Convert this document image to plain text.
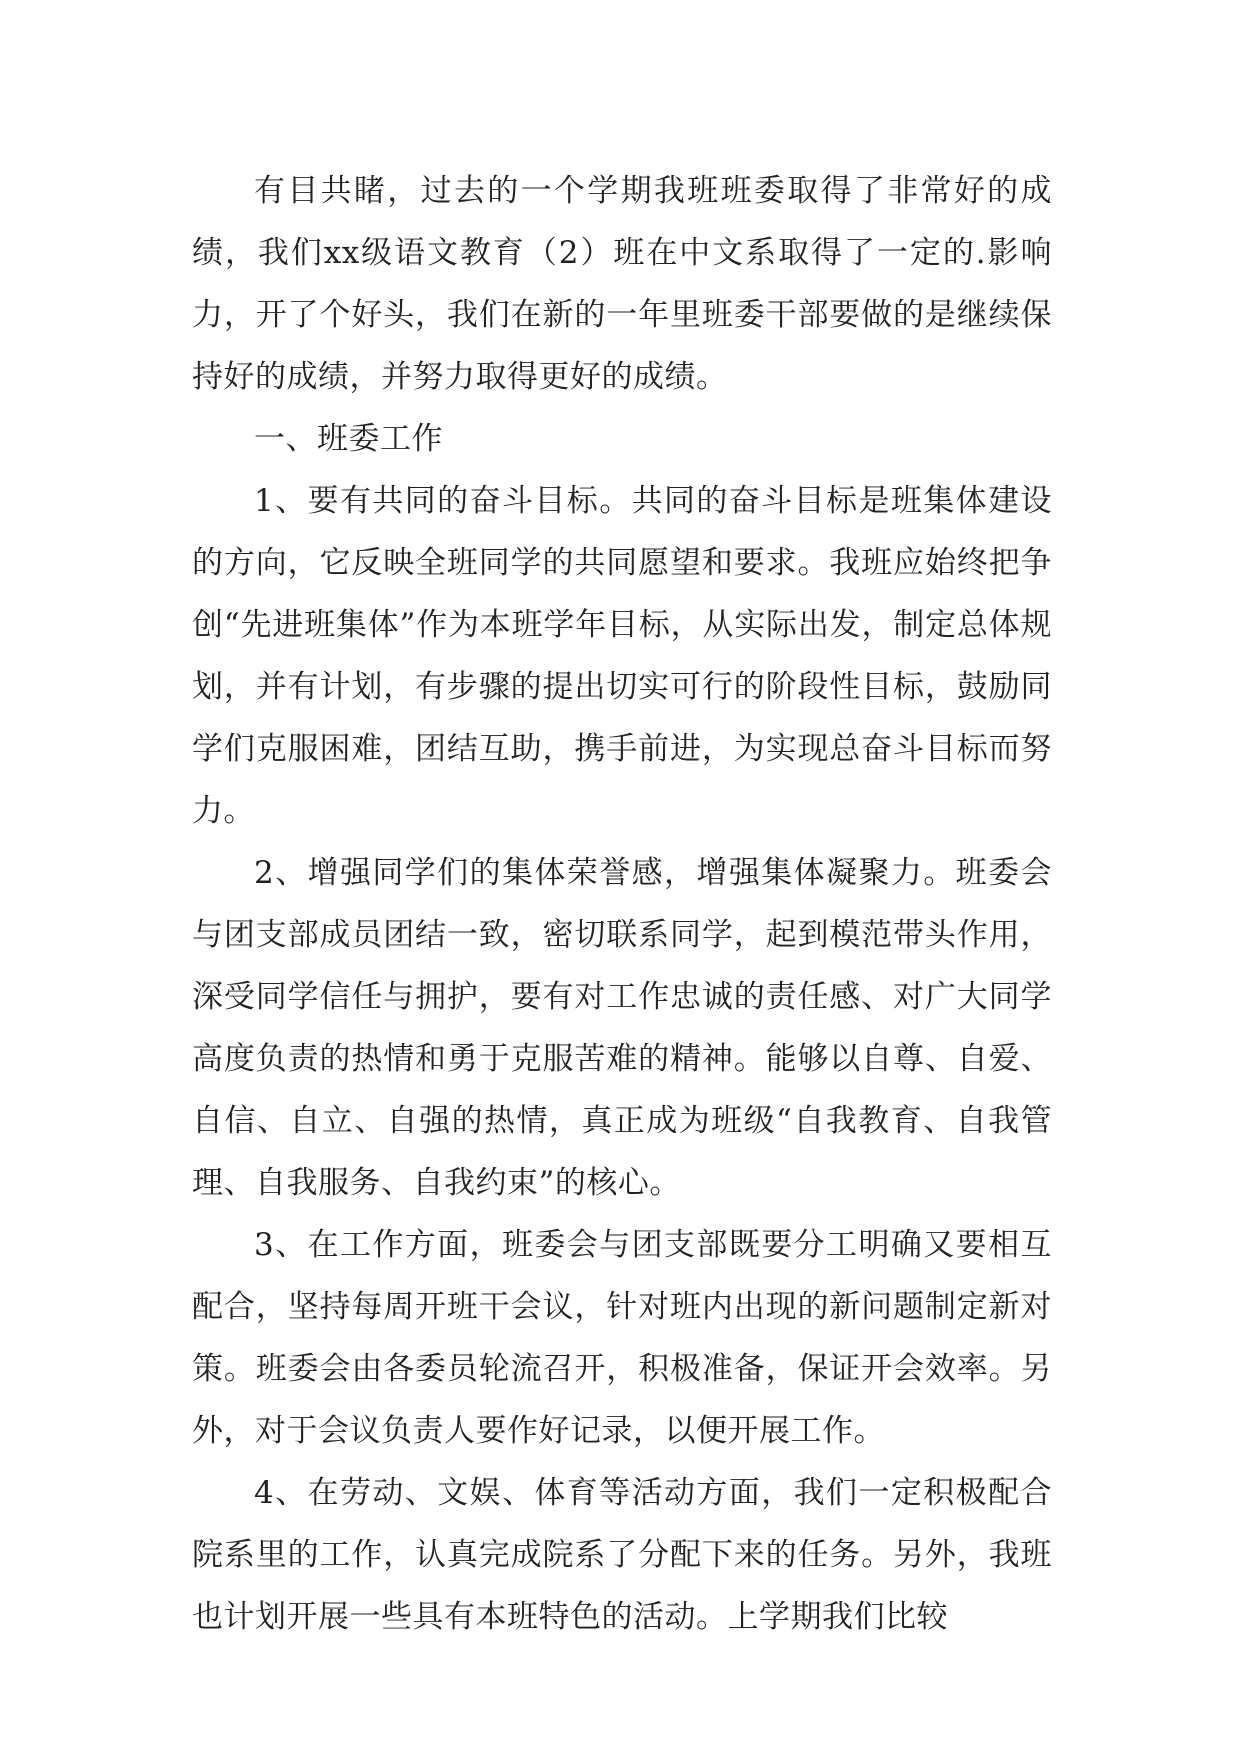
有目共睹，过去的一个学期我班班委取得了非常好的成绩，我们xx级语文教育（2）班在中文系取得了一定的.影响力，开了个好头，我们在新的一年里班委干部要做的是继续保持好的成绩，并努力取得更好的成绩。

一、班委工作

1、要有共同的奋斗目标。共同的奋斗目标是班集体建设的方向，它反映全班同学的共同愿望和要求。我班应始终把争创“先进班集体”作为本班学年目标，从实际出发，制定总体规划，并有计划，有步骤的提出切实可行的阶段性目标，鼓励同学们克服困难，团结互助，携手前进，为实现总奋斗目标而努力。

2、增强同学们的集体荣誉感，增强集体凝聚力。班委会与团支部成员团结一致，密切联系同学，起到模范带头作用，深受同学信任与拥护，要有对工作忠诚的责任感、对广大同学高度负责的热情和勇于克服苦难的精神。能够以自尊、自爱、自信、自立、自强的热情，真正成为班级“自我教育、自我管理、自我服务、自我约束”的核心。

3、在工作方面，班委会与团支部既要分工明确又要相互配合，坚持每周开班干会议，针对班内出现的新问题制定新对策。班委会由各委员轮流召开，积极准备，保证开会效率。另外，对于会议负责人要作好记录，以便开展工作。

4、在劳动、文娱、体育等活动方面，我们一定积极配合院系里的工作，认真完成院系了分配下来的任务。另外，我班也计划开展一些具有本班特色的活动。上学期我们比较
